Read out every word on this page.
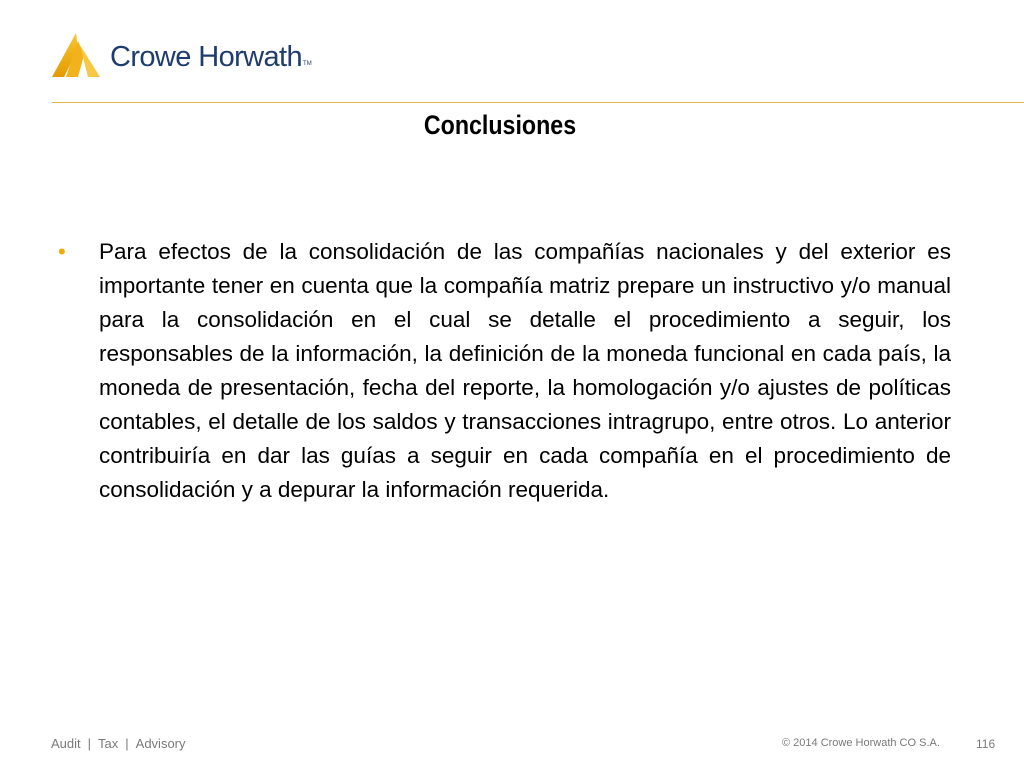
Crowe Horwath TM
Conclusiones
•	Para efectos de la consolidación de las compañías nacionales y del exterior es importante tener en cuenta que la compañía matriz prepare un instructivo y/o manual para la consolidación en el cual se detalle el procedimiento a seguir, los responsables de la información, la definición de la moneda funcional en cada país, la moneda de presentación, fecha del reporte, la homologación y/o ajustes de políticas contables, el detalle de los saldos y transacciones intragrupo, entre otros. Lo anterior contribuiría en dar las guías a seguir en cada compañía en el procedimiento de consolidación y a depurar la información requerida.

Audit | Tax | Advisory	© 2014 Crowe Horwath CO S.A.	116
